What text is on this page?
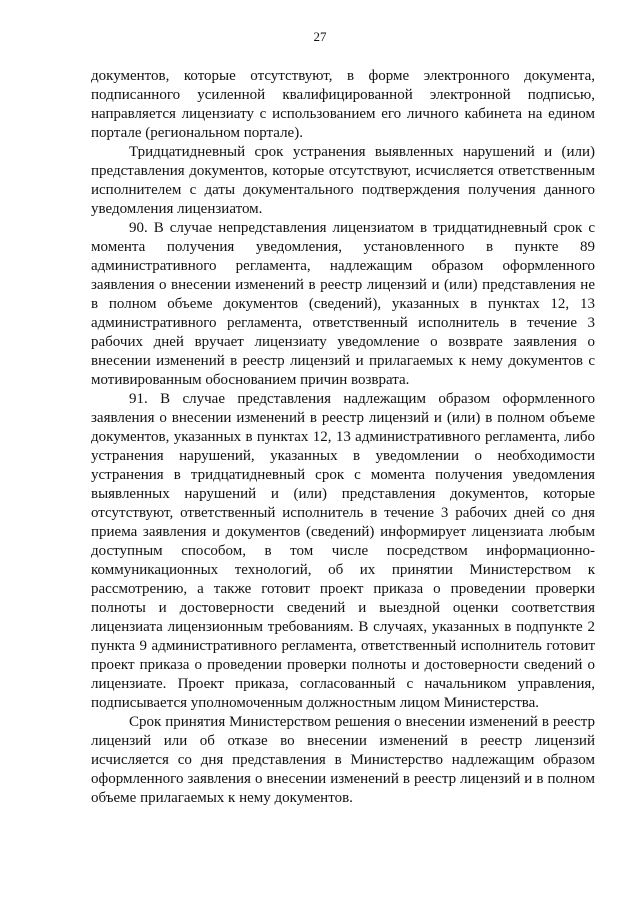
27

документов, которые отсутствуют, в форме электронного документа, подписанного усиленной квалифицированной электронной подписью, направляется лицензиату с использованием его личного кабинета на едином портале (региональном портале).

Тридцатидневный срок устранения выявленных нарушений и (или) представления документов, которые отсутствуют, исчисляется ответственным исполнителем с даты документального подтверждения получения данного уведомления лицензиатом.

90. В случае непредставления лицензиатом в тридцатидневный срок с момента получения уведомления, установленного в пункте 89 административного регламента, надлежащим образом оформленного заявления о внесении изменений в реестр лицензий и (или) представления не в полном объеме документов (сведений), указанных в пунктах 12, 13 административного регламента, ответственный исполнитель в течение 3 рабочих дней вручает лицензиату уведомление о возврате заявления о внесении изменений в реестр лицензий и прилагаемых к нему документов с мотивированным обоснованием причин возврата.

91. В случае представления надлежащим образом оформленного заявления о внесении изменений в реестр лицензий и (или) в полном объеме документов, указанных в пунктах 12, 13 административного регламента, либо устранения нарушений, указанных в уведомлении о необходимости устранения в тридцатидневный срок с момента получения уведомления выявленных нарушений и (или) представления документов, которые отсутствуют, ответственный исполнитель в течение 3 рабочих дней со дня приема заявления и документов (сведений) информирует лицензиата любым доступным способом, в том числе посредством информационно-коммуникационных технологий, об их принятии Министерством к рассмотрению, а также готовит проект приказа о проведении проверки полноты и достоверности сведений и выездной оценки соответствия лицензиата лицензионным требованиям. В случаях, указанных в подпункте 2 пункта 9 административного регламента, ответственный исполнитель готовит проект приказа о проведении проверки полноты и достоверности сведений о лицензиате. Проект приказа, согласованный с начальником управления, подписывается уполномоченным должностным лицом Министерства.

Срок принятия Министерством решения о внесении изменений в реестр лицензий или об отказе во внесении изменений в реестр лицензий исчисляется со дня представления в Министерство надлежащим образом оформленного заявления о внесении изменений в реестр лицензий и в полном объеме прилагаемых к нему документов.
